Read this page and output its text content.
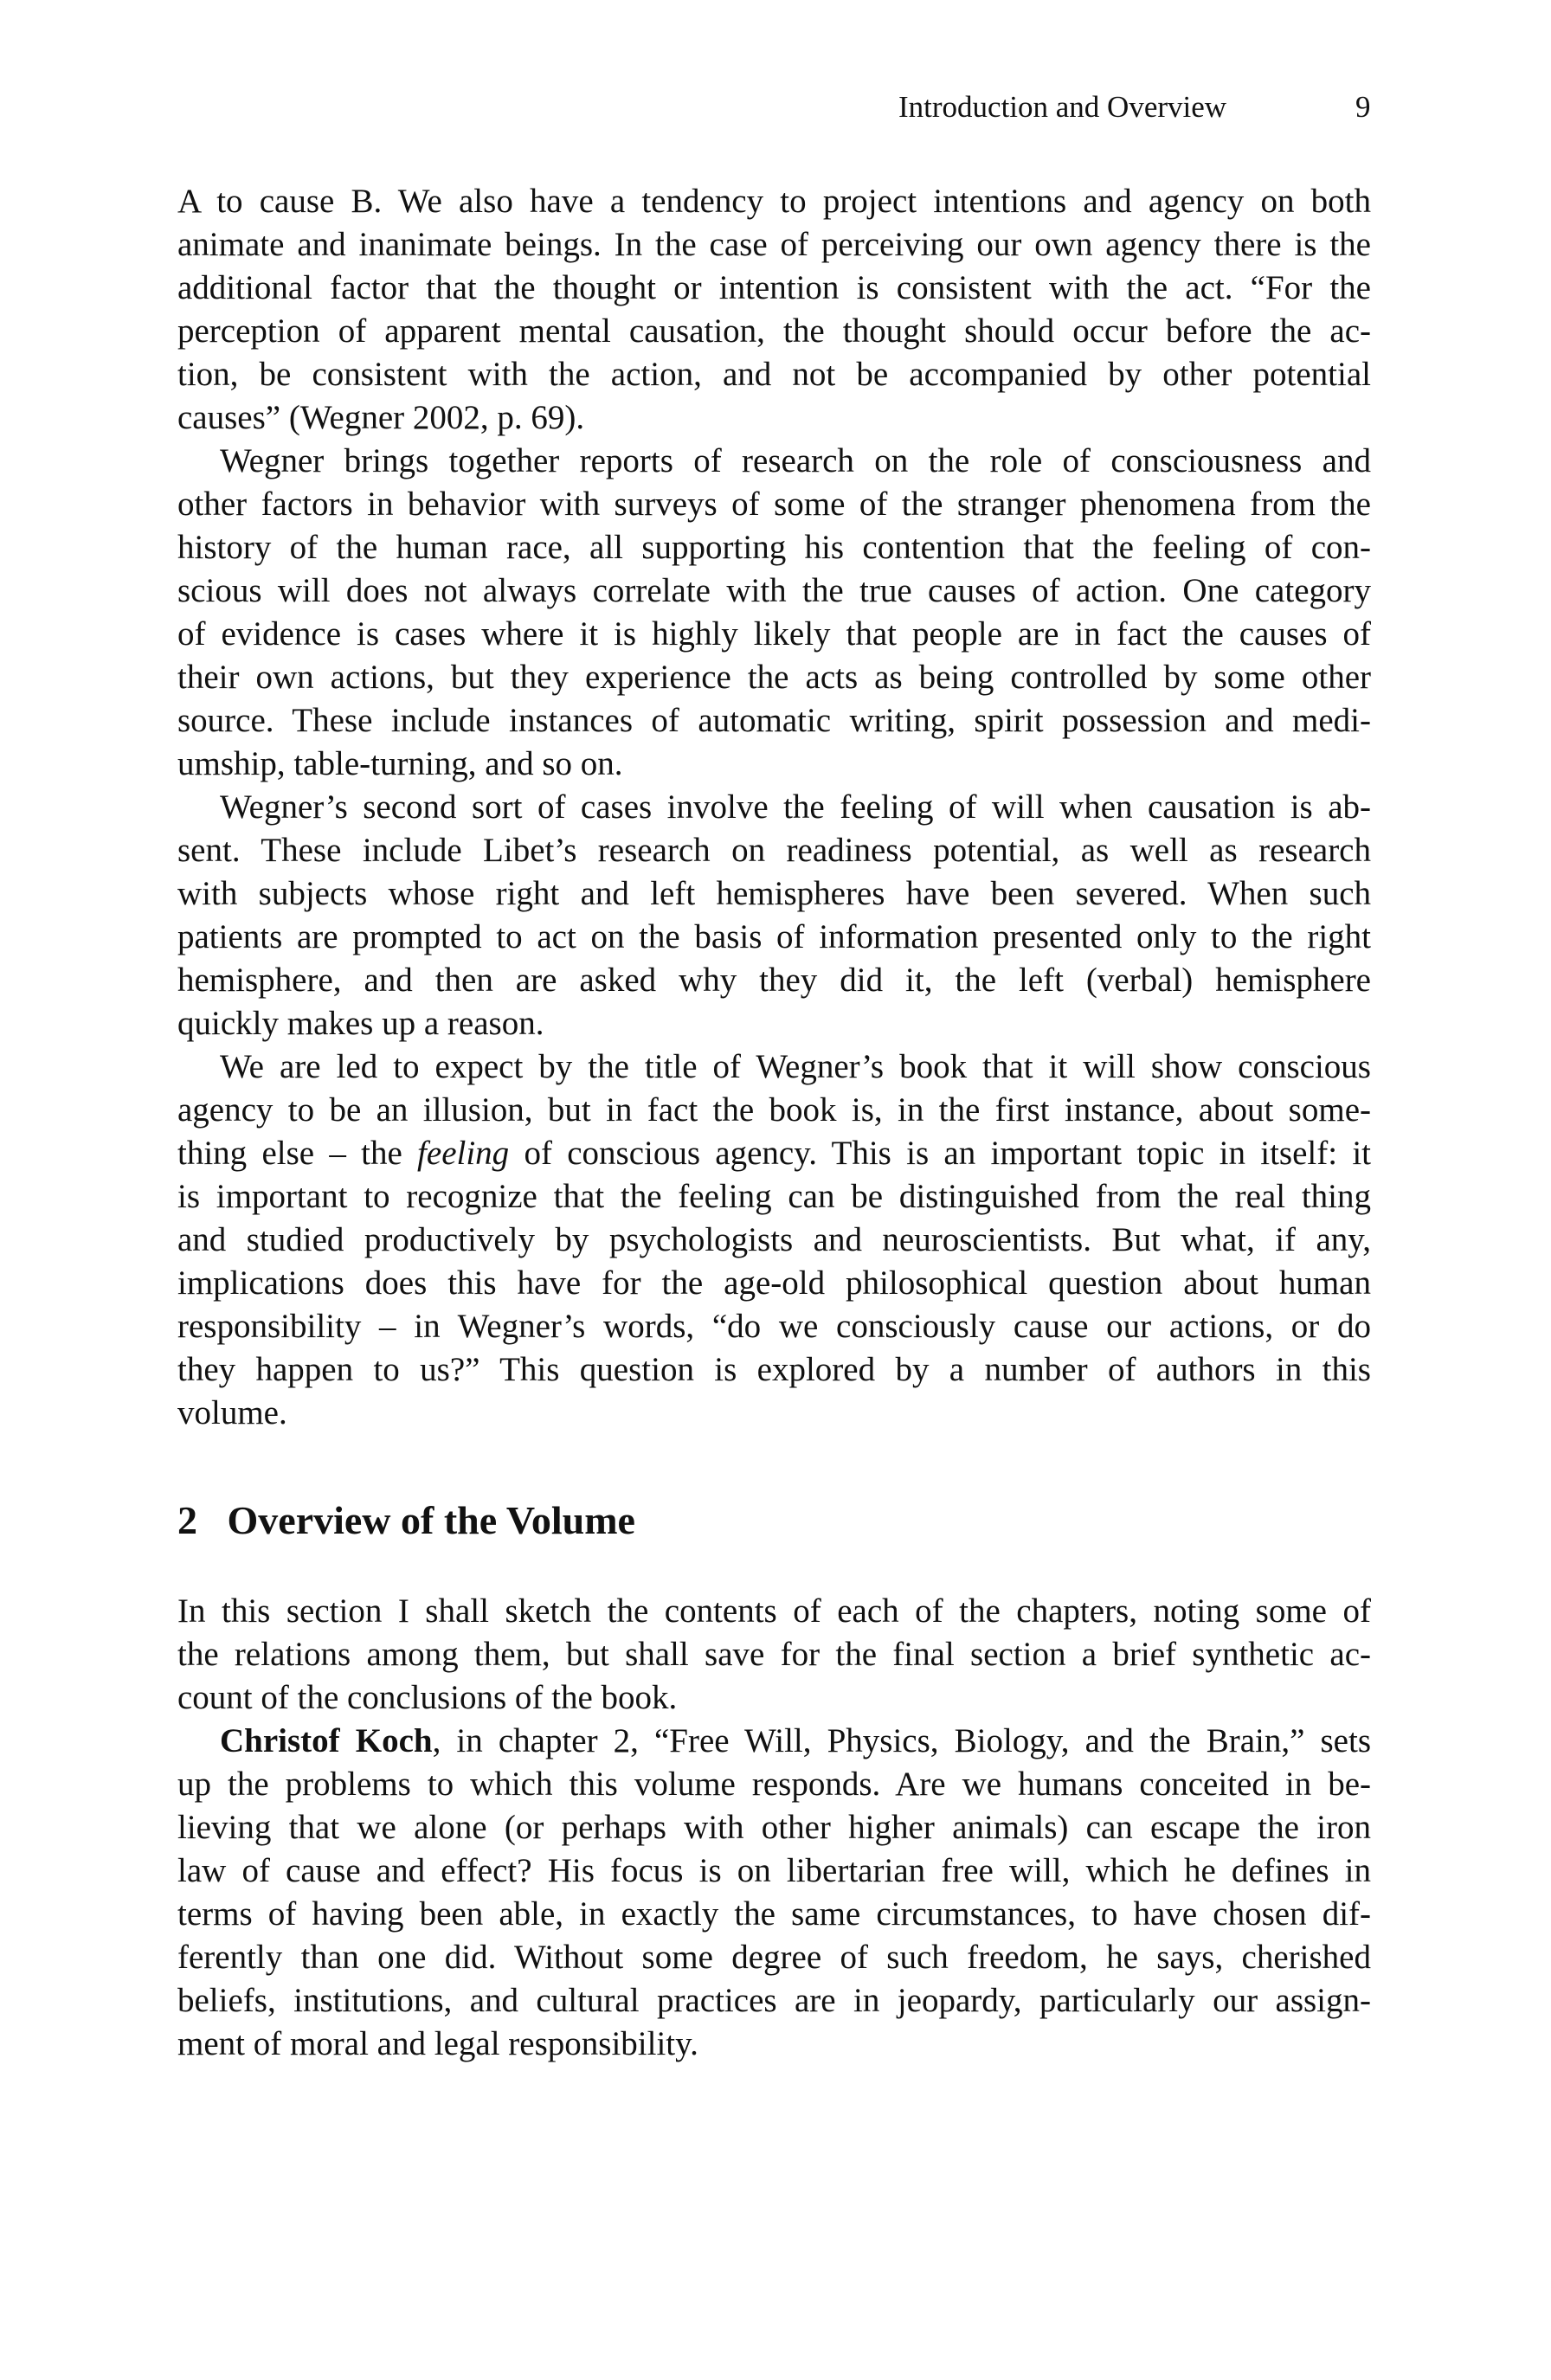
Introduction and Overview	9
A to cause B. We also have a tendency to project intentions and agency on both
animate and inanimate beings. In the case of perceiving our own agency there is the
additional factor that the thought or intention is consistent with the act. “For the
perception of apparent mental causation, the thought should occur before the ac-
tion, be consistent with the action, and not be accompanied by other potential
causes” (Wegner 2002, p. 69).
Wegner brings together reports of research on the role of consciousness and
other factors in behavior with surveys of some of the stranger phenomena from the
history of the human race, all supporting his contention that the feeling of con-
scious will does not always correlate with the true causes of action. One category
of evidence is cases where it is highly likely that people are in fact the causes of
their own actions, but they experience the acts as being controlled by some other
source. These include instances of automatic writing, spirit possession and medi-
umship, table-turning, and so on.
Wegner’s second sort of cases involve the feeling of will when causation is ab-
sent. These include Libet’s research on readiness potential, as well as research
with subjects whose right and left hemispheres have been severed. When such
patients are prompted to act on the basis of information presented only to the right
hemisphere, and then are asked why they did it, the left (verbal) hemisphere
quickly makes up a reason.
We are led to expect by the title of Wegner’s book that it will show conscious
agency to be an illusion, but in fact the book is, in the first instance, about some-
thing else – the feeling of conscious agency. This is an important topic in itself: it
is important to recognize that the feeling can be distinguished from the real thing
and studied productively by psychologists and neuroscientists. But what, if any,
implications does this have for the age-old philosophical question about human
responsibility – in Wegner’s words, “do we consciously cause our actions, or do
they happen to us?” This question is explored by a number of authors in this
volume.
2 Overview of the Volume
In this section I shall sketch the contents of each of the chapters, noting some of
the relations among them, but shall save for the final section a brief synthetic ac-
count of the conclusions of the book.
Christof Koch, in chapter 2, “Free Will, Physics, Biology, and the Brain,” sets
up the problems to which this volume responds. Are we humans conceited in be-
lieving that we alone (or perhaps with other higher animals) can escape the iron
law of cause and effect? His focus is on libertarian free will, which he defines in
terms of having been able, in exactly the same circumstances, to have chosen dif-
ferently than one did. Without some degree of such freedom, he says, cherished
beliefs, institutions, and cultural practices are in jeopardy, particularly our assign-
ment of moral and legal responsibility.
